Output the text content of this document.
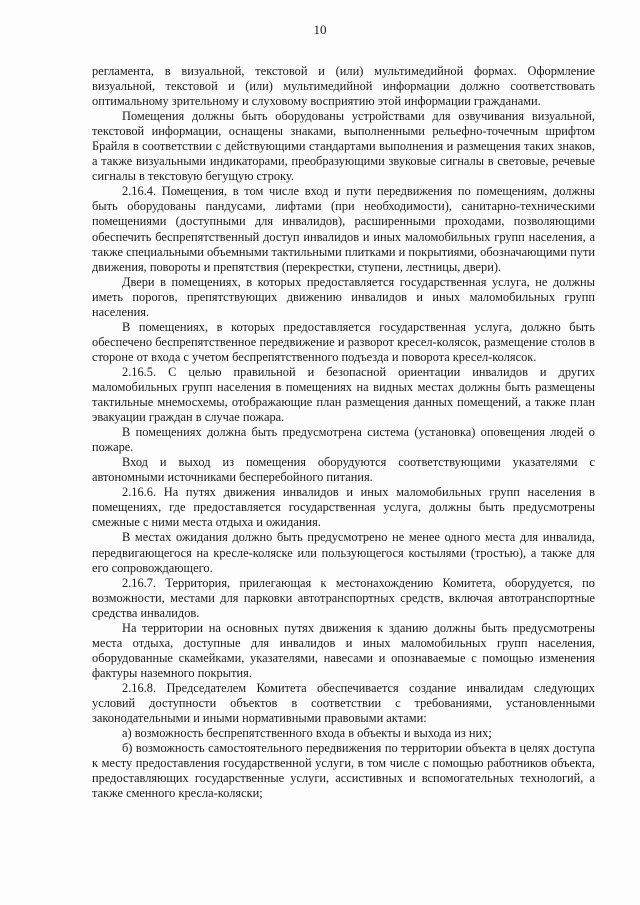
10

регламента, в визуальной, текстовой и (или) мультимедийной формах. Оформление визуальной, текстовой и (или) мультимедийной информации должно соответствовать оптимальному зрительному и слуховому восприятию этой информации гражданами.

Помещения должны быть оборудованы устройствами для озвучивания визуальной, текстовой информации, оснащены знаками, выполненными рельефно-точечным шрифтом Брайля в соответствии с действующими стандартами выполнения и размещения таких знаков, а также визуальными индикаторами, преобразующими звуковые сигналы в световые, речевые сигналы в текстовую бегущую строку.

2.16.4. Помещения, в том числе вход и пути передвижения по помещениям, должны быть оборудованы пандусами, лифтами (при необходимости), санитарно-техническими помещениями (доступными для инвалидов), расширенными проходами, позволяющими обеспечить беспрепятственный доступ инвалидов и иных маломобильных групп населения, а также специальными объемными тактильными плитками и покрытиями, обозначающими пути движения, повороты и препятствия (перекрестки, ступени, лестницы, двери).

Двери в помещениях, в которых предоставляется государственная услуга, не должны иметь порогов, препятствующих движению инвалидов и иных маломобильных групп населения.

В помещениях, в которых предоставляется государственная услуга, должно быть обеспечено беспрепятственное передвижение и разворот кресел-колясок, размещение столов в стороне от входа с учетом беспрепятственного подъезда и поворота кресел-колясок.

2.16.5. С целью правильной и безопасной ориентации инвалидов и других маломобильных групп населения в помещениях на видных местах должны быть размещены тактильные мнемосхемы, отображающие план размещения данных помещений, а также план эвакуации граждан в случае пожара.

В помещениях должна быть предусмотрена система (установка) оповещения людей о пожаре.

Вход и выход из помещения оборудуются соответствующими указателями с автономными источниками бесперебойного питания.

2.16.6. На путях движения инвалидов и иных маломобильных групп населения в помещениях, где предоставляется государственная услуга, должны быть предусмотрены смежные с ними места отдыха и ожидания.

В местах ожидания должно быть предусмотрено не менее одного места для инвалида, передвигающегося на кресле-коляске или пользующегося костылями (тростью), а также для его сопровождающего.

2.16.7. Территория, прилегающая к местонахождению Комитета, оборудуется, по возможности, местами для парковки автотранспортных средств, включая автотранспортные средства инвалидов.

На территории на основных путях движения к зданию должны быть предусмотрены места отдыха, доступные для инвалидов и иных маломобильных групп населения, оборудованные скамейками, указателями, навесами и опознаваемые с помощью изменения фактуры наземного покрытия.

2.16.8. Председателем Комитета обеспечивается создание инвалидам следующих условий доступности объектов в соответствии с требованиями, установленными законодательными и иными нормативными правовыми актами:

а) возможность беспрепятственного входа в объекты и выхода из них;

б) возможность самостоятельного передвижения по территории объекта в целях доступа к месту предоставления государственной услуги, в том числе с помощью работников объекта, предоставляющих государственные услуги, ассистивных и вспомогательных технологий, а также сменного кресла-коляски;
